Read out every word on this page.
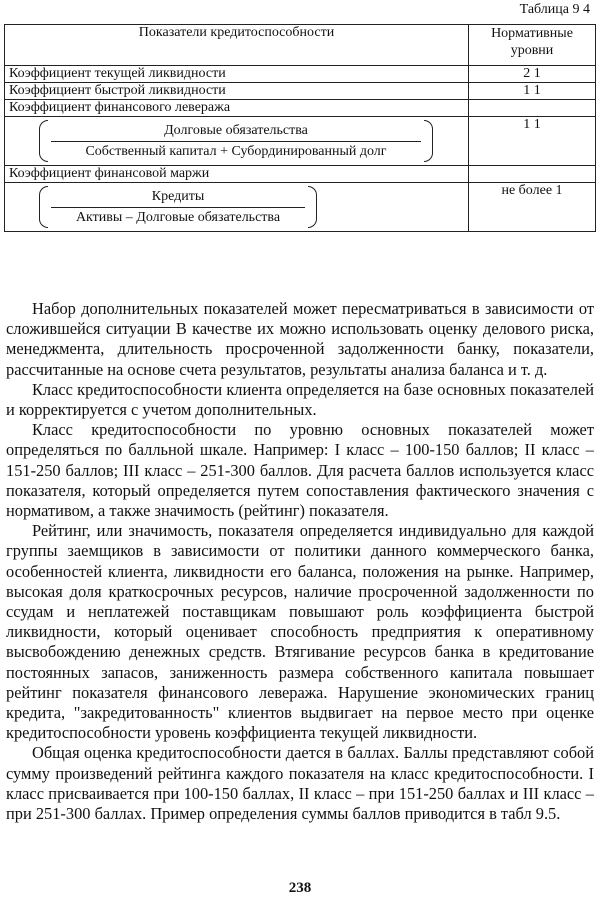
Таблица 9 4
Показатели кредитоспособности	Нормативные уровни
Коэффициент текущей ликвидности	2 1
Коэффициент быстрой ликвидности	1 1
Коэффициент финансового левеража	

$\frac{\text{Долговые обязательства}}{\text{Собственный капитал + Субординированный долг}}$	1 1
Коэффициент финансовой маржи	

$\frac{\text{Кредиты}}{\text{Активы – Долговые обязательства}}$	не более 1

Набор дополнительных показателей может пересматриваться в зависимости от сложившейся ситуации В качестве их можно использовать оценку делового риска, менеджмента, длительность просроченной задолженности банку, показатели, рассчитанные на основе счета результатов, результаты анализа баланса и т. д.

Класс кредитоспособности клиента определяется на базе основных показателей и корректируется с учетом дополнительных.

Класс кредитоспособности по уровню основных показателей может определяться по балльной шкале. Например: I класс – 100-150 баллов; II класс – 151-250 баллов; III класс – 251-300 баллов. Для расчета баллов используется класс показателя, который определяется путем сопоставления фактического значения с нормативом, а также значимость (рейтинг) показателя.

Рейтинг, или значимость, показателя определяется индивидуально для каждой группы заемщиков в зависимости от политики данного коммерческого банка, особенностей клиента, ликвидности его баланса, положения на рынке. Например, высокая доля краткосрочных ресурсов, наличие просроченной задолженности по ссудам и неплатежей поставщикам повышают роль коэффициента быстрой ликвидности, который оценивает способность предприятия к оперативному высвобождению денежных средств. Втягивание ресурсов банка в кредитование постоянных запасов, заниженность размера собственного капитала повышает рейтинг показателя финансового левеража. Нарушение экономических границ кредита, "закредитованность" клиентов выдвигает на первое место при оценке кредитоспособности уровень коэффициента текущей ликвидности.

Общая оценка кредитоспособности дается в баллах. Баллы представляют собой сумму произведений рейтинга каждого показателя на класс кредитоспособности. I класс присваивается при 100-150 баллах, II класс – при 151-250 баллах и III класс – при 251-300 баллах. Пример определения суммы баллов приводится в табл 9.5.

238
